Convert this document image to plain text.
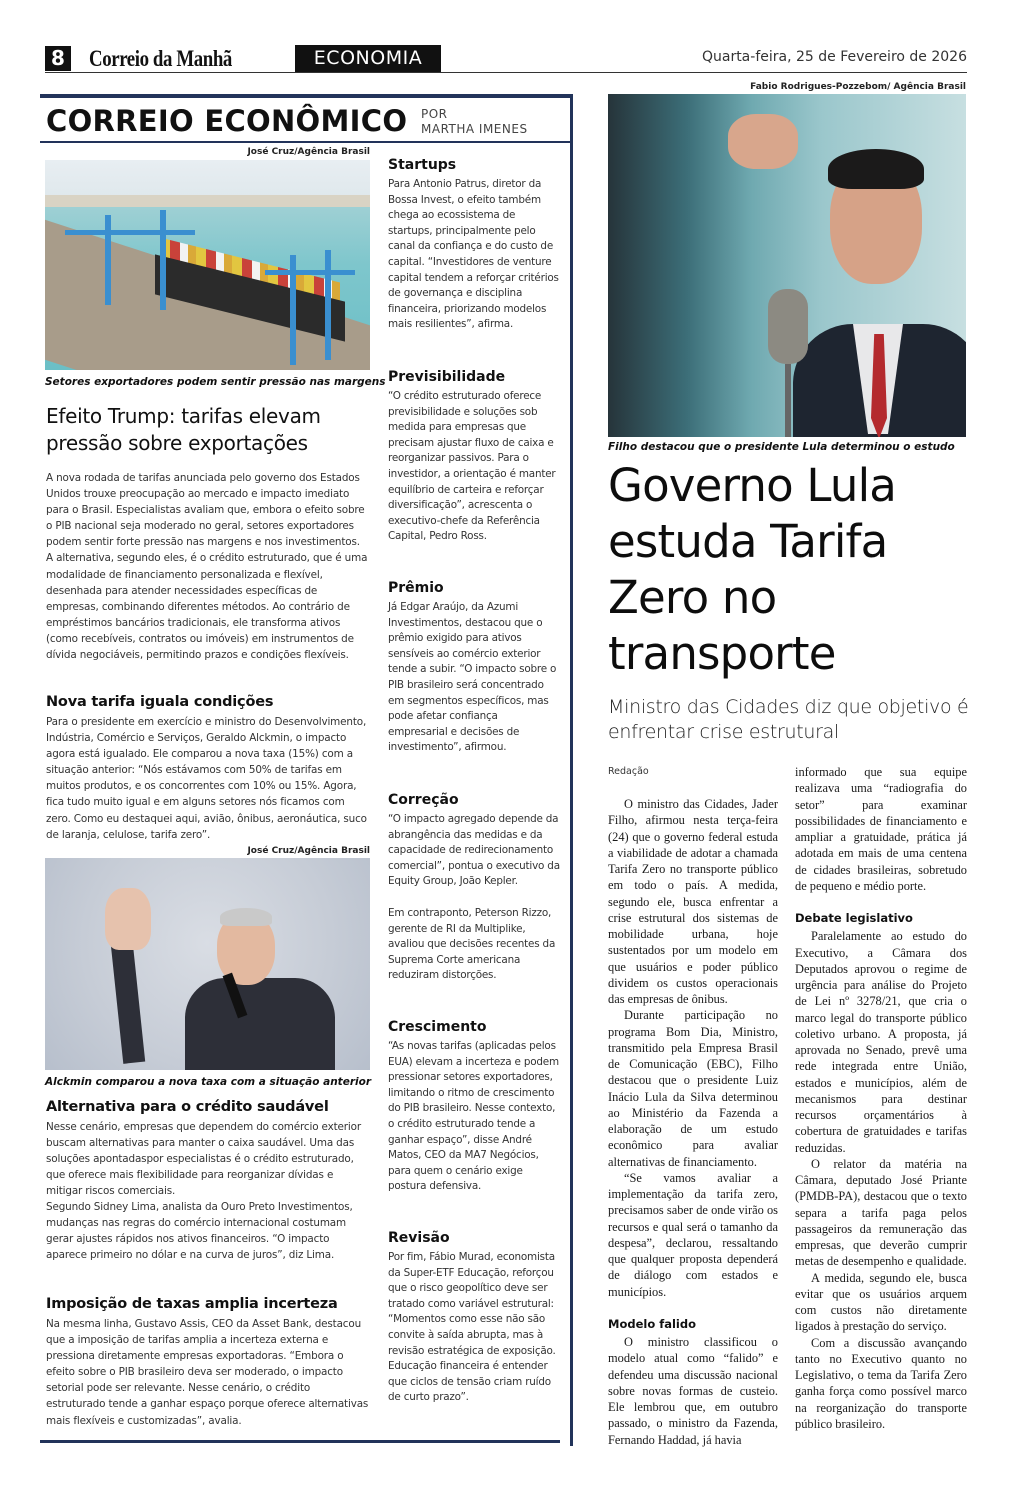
8 Correio da Manhã	ECONOMIA	Quarta-feira, 25 de Fevereiro de 2026
CORREIO ECONÔMICO POR
MARTHA IMENES
José Cruz/Agência Brasil
Setores exportadores podem sentir pressão nas margens
Efeito Trump: tarifas elevam
pressão sobre exportações
A nova rodada de tarifas anunciada pelo governo dos Estados Unidos trouxe preocupação ao mercado e impacto imediato para o Brasil. Especialistas avaliam que, embora o efeito sobre o PIB nacional seja moderado no geral, setores exportadores podem sentir forte pressão nas margens e nos investimentos. A alternativa, segundo eles, é o crédito estruturado, que é uma modalidade de financiamento personalizada e flexível, desenhada para atender necessidades específicas de empresas, combinando diferentes métodos. Ao contrário de empréstimos bancários tradicionais, ele transforma ativos (como recebíveis, contratos ou imóveis) em instrumentos de dívida negociáveis, permitindo prazos e condições flexíveis.
Nova tarifa iguala condições
Para o presidente em exercício e ministro do Desenvolvimento, Indústria, Comércio e Serviços, Geraldo Alckmin, o impacto agora está igualado. Ele comparou a nova taxa (15%) com a situação anterior: “Nós estávamos com 50% de tarifas em muitos produtos, e os concorrentes com 10% ou 15%. Agora, fica tudo muito igual e em alguns setores nós ficamos com zero. Como eu destaquei aqui, avião, ônibus, aeronáutica, suco de laranja, celulose, tarifa zero”.
José Cruz/Agência Brasil
Alckmin comparou a nova taxa com a situação anterior
Alternativa para o crédito saudável
Nesse cenário, empresas que dependem do comércio exterior buscam alternativas para manter o caixa saudável. Uma das soluções apontadaspor especialistas é o crédito estruturado, que oferece mais flexibilidade para reorganizar dívidas e mitigar riscos comerciais.
Segundo Sidney Lima, analista da Ouro Preto Investimentos, mudanças nas regras do comércio internacional costumam gerar ajustes rápidos nos ativos financeiros. “O impacto aparece primeiro no dólar e na curva de juros”, diz Lima.
Imposição de taxas amplia incerteza
Na mesma linha, Gustavo Assis, CEO da Asset Bank, destacou que a imposição de tarifas amplia a incerteza externa e pressiona diretamente empresas exportadoras. “Embora o efeito sobre o PIB brasileiro deva ser moderado, o impacto setorial pode ser relevante. Nesse cenário, o crédito estruturado tende a ganhar espaço porque oferece alternativas mais flexíveis e customizadas”, avalia.
Startups
Para Antonio Patrus, diretor da Bossa Invest, o efeito também chega ao ecossistema de startups, principalmente pelo canal da confiança e do custo de capital. “Investidores de venture capital tendem a reforçar critérios de governança e disciplina financeira, priorizando modelos mais resilientes”, afirma.
Previsibilidade
“O crédito estruturado oferece previsibilidade e soluções sob medida para empresas que precisam ajustar fluxo de caixa e reorganizar passivos. Para o investidor, a orientação é manter equilíbrio de carteira e reforçar diversificação”, acrescenta o executivo-chefe da Referência Capital, Pedro Ross.
Prêmio
Já Edgar Araújo, da Azumi Investimentos, destacou que o prêmio exigido para ativos sensíveis ao comércio exterior tende a subir. “O impacto sobre o PIB brasileiro será concentrado em segmentos específicos, mas pode afetar confiança empresarial e decisões de investimento”, afirmou.
Correção
“O impacto agregado depende da abrangência das medidas e da capacidade de redirecionamento comercial”, pontua o executivo da Equity Group, João Kepler.
Em contraponto, Peterson Rizzo, gerente de RI da Multiplike, avaliou que decisões recentes da Suprema Corte americana reduziram distorções.
Crescimento
“As novas tarifas (aplicadas pelos EUA) elevam a incerteza e podem pressionar setores exportadores, limitando o ritmo de crescimento do PIB brasileiro. Nesse contexto, o crédito estruturado tende a ganhar espaço”, disse André Matos, CEO da MA7 Negócios, para quem o cenário exige postura defensiva.
Revisão
Por fim, Fábio Murad, economista da Super-ETF Educação, reforçou que o risco geopolítico deve ser tratado como variável estrutural: “Momentos como esse não são convite à saída abrupta, mas à revisão estratégica de exposição. Educação financeira é entender que ciclos de tensão criam ruído de curto prazo”.
Fabio Rodrigues-Pozzebom/ Agência Brasil
Filho destacou que o presidente Lula determinou o estudo
Governo Lula estuda Tarifa Zero no transporte
Ministro das Cidades diz que objetivo é enfrentar crise estrutural
Redação

O ministro das Cidades, Jader Filho, afirmou nesta terça-feira (24) que o governo federal estuda a viabilidade de adotar a chamada Tarifa Zero no transporte público em todo o país. A medida, segundo ele, busca enfrentar a crise estrutural dos sistemas de mobilidade urbana, hoje sustentados por um modelo em que usuários e poder público dividem os custos operacionais das empresas de ônibus.

Durante participação no programa Bom Dia, Ministro, transmitido pela Empresa Brasil de Comunicação (EBC), Filho destacou que o presidente Luiz Inácio Lula da Silva determinou ao Ministério da Fazenda a elaboração de um estudo econômico para avaliar alternativas de financiamento.

“Se vamos avaliar a implementação da tarifa zero, precisamos saber de onde virão os recursos e qual será o tamanho da despesa”, declarou, ressaltando que qualquer proposta dependerá de diálogo com estados e municípios.

Modelo falido

O ministro classificou o modelo atual como “falido” e defendeu uma discussão nacional sobre novas formas de custeio. Ele lembrou que, em outubro passado, o ministro da Fazenda, Fernando Haddad, já havia

informado que sua equipe realizava uma “radiografia do setor” para examinar possibilidades de financiamento e ampliar a gratuidade, prática já adotada em mais de uma centena de cidades brasileiras, sobretudo de pequeno e médio porte.

Debate legislativo

Paralelamente ao estudo do Executivo, a Câmara dos Deputados aprovou o regime de urgência para análise do Projeto de Lei nº 3278/21, que cria o marco legal do transporte público coletivo urbano. A proposta, já aprovada no Senado, prevê uma rede integrada entre União, estados e municípios, além de mecanismos para destinar recursos orçamentários à cobertura de gratuidades e tarifas reduzidas.

O relator da matéria na Câmara, deputado José Priante (PMDB-PA), destacou que o texto separa a tarifa paga pelos passageiros da remuneração das empresas, que deverão cumprir metas de desempenho e qualidade.

A medida, segundo ele, busca evitar que os usuários arquem com custos não diretamente ligados à prestação do serviço.

Com a discussão avançando tanto no Executivo quanto no Legislativo, o tema da Tarifa Zero ganha força como possível marco na reorganização do transporte público brasileiro.
